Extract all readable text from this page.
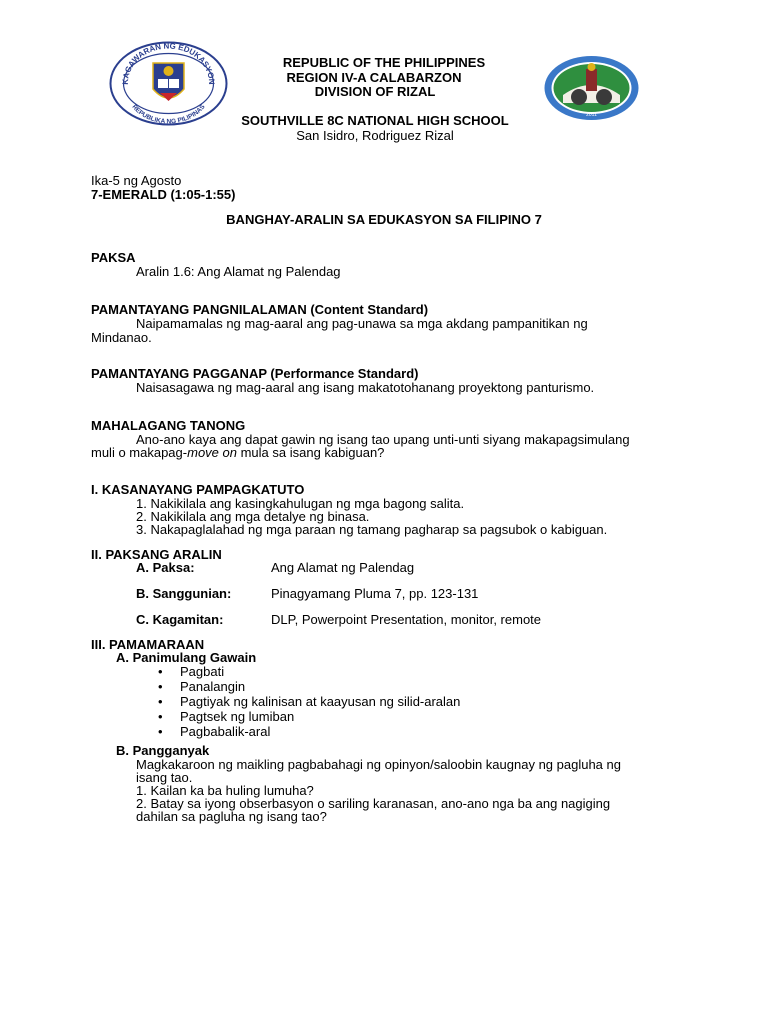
KAGAWARAN NG EDUKASYON
REPUBLIKA NG PILIPINAS
REPUBLIC OF THE PHILIPPINES
REGION IV-A CALABARZON
DIVISION OF RIZAL
SOUTHVILLE 8C NATIONAL HIGH SCHOOL
San Isidro, Rodriguez Rizal
2011
Ika-5 ng Agosto
7-EMERALD (1:05-1:55)
BANGHAY-ARALIN SA EDUKASYON SA FILIPINO 7
PAKSA
Aralin 1.6: Ang Alamat ng Palendag
PAMANTAYANG PANGNILALAMAN (Content Standard)
Naipamamalas ng mag-aaral ang pag-unawa sa mga akdang pampanitikan ng
Mindanao.
PAMANTAYANG PAGGANAP (Performance Standard)
Naisasagawa ng mag-aaral ang isang makatotohanang proyektong panturismo.
MAHALAGANG TANONG
Ano-ano kaya ang dapat gawin ng isang tao upang unti-unti siyang makapagsimulang
muli o makapag-move on mula sa isang kabiguan?
I. KASANAYANG PAMPAGKATUTO
1. Nakikilala ang kasingkahulugan ng mga bagong salita.
2. Nakikilala ang mga detalye ng binasa.
3. Nakapaglalahad ng mga paraan ng tamang pagharap sa pagsubok o kabiguan.
II. PAKSANG ARALIN
A. Paksa:	Ang Alamat ng Palendag
B. Sanggunian:	Pinagyamang Pluma 7, pp. 123-131
C. Kagamitan:	DLP, Powerpoint Presentation, monitor, remote
III. PAMAMARAAN
A. Panimulang Gawain
• Pagbati
• Panalangin
• Pagtiyak ng kalinisan at kaayusan ng silid-aralan
• Pagtsek ng lumiban
• Pagbabalik-aral
B. Pangganyak
Magkakaroon ng maikling pagbabahagi ng opinyon/saloobin kaugnay ng pagluha ng
isang tao.
1. Kailan ka ba huling lumuha?
2. Batay sa iyong obserbasyon o sariling karanasan, ano-ano nga ba ang nagiging
dahilan sa pagluha ng isang tao?
